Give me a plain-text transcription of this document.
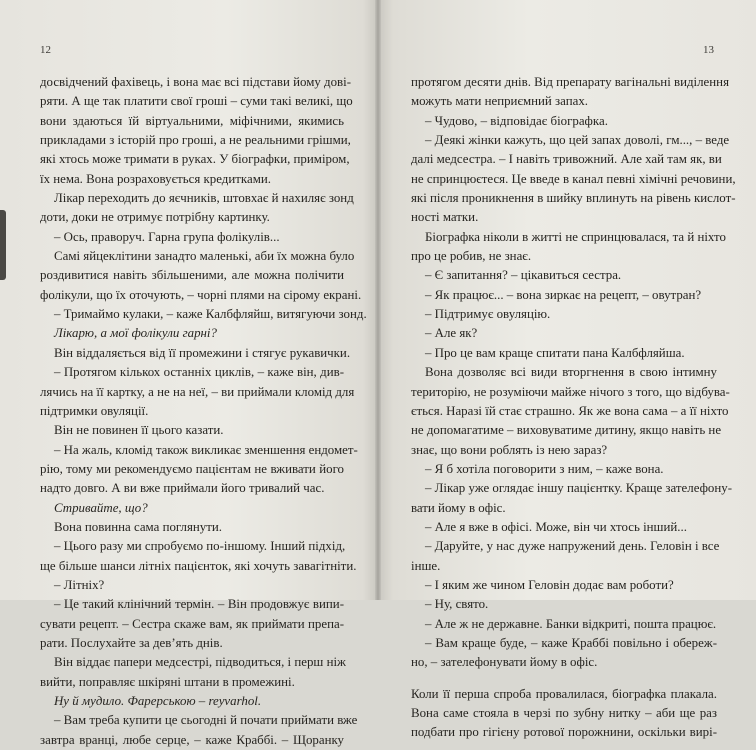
12
досвідчений фахівець, і вона має всі підстави йому дові-
ряти. А ще так платити свої гроші – суми такі великі, що
вони здаються їй віртуальними, міфічними, якимись
прикладами з історій про гроші, а не реальними грішми,
які хтось може тримати в руках. У біографки, приміром,
їх нема. Вона розраховується кредитками.
Лікар переходить до яєчників, штовхає й нахиляє зонд
доти, доки не отримує потрібну картинку.
– Ось, праворуч. Гарна група фолікулів...
Самі яйцеклітини занадто маленькі, аби їх можна було
роздивитися навіть збільшеними, але можна полічити
фолікули, що їх оточують, – чорні плями на сірому екрані.
– Тримаймо кулаки, – каже Калбфляйш, витягуючи зонд.
Лікарю, а мої фолікули гарні?
Він віддаляється від її промежини і стягує рукавички.
– Протягом кількох останніх циклів, – каже він, див-
лячись на її картку, а не на неї, – ви приймали кломід для
підтримки овуляції.
Він не повинен її цього казати.
– На жаль, кломід також викликає зменшення ендомет-
рію, тому ми рекомендуємо пацієнтам не вживати його
надто довго. А ви вже приймали його тривалий час.
Стривайте, що?
Вона повинна сама поглянути.
– Цього разу ми спробуємо по-іншому. Інший підхід,
ще більше шанси літніх пацієнток, які хочуть завагітніти.
– Літніх?
– Це такий клінічний термін. – Він продовжує випи-
сувати рецепт. – Сестра скаже вам, як приймати препа-
рати. Послухайте за дев’ять днів.
Він віддає папери медсестрі, підводиться, і перш ніж
вийти, поправляє шкіряні штани в промежині.
Ну й мудило. Фарерською – reyvarhol.
– Вам треба купити це сьогодні й почати приймати вже
завтра вранці, любе серце, – каже Краббі. – Щоранку
13
протягом десяти днів. Від препарату вагінальні виділення
можуть мати неприємний запах.
– Чудово, – відповідає біографка.
– Деякі жінки кажуть, що цей запах доволі, гм..., – веде
далі медсестра. – І навіть тривожний. Але хай там як, ви
не спринцюєтеся. Це введе в канал певні хімічні речовини,
які після проникнення в шийку вплинуть на рівень кислот-
ності матки.
Біографка ніколи в житті не спринцювалася, та й ніхто
про це робив, не знає.
– Є запитання? – цікавиться сестра.
– Як працює... – вона зиркає на рецепт, – овутран?
– Підтримує овуляцію.
– Але як?
– Про це вам краще спитати пана Калбфляйша.
Вона дозволяє всі види вторгнення в свою інтимну
територію, не розуміючи майже нічого з того, що відбува-
ється. Наразі їй стає страшно. Як же вона сама – а її ніхто
не допомагатиме – виховуватиме дитину, якщо навіть не
знає, що вони роблять із нею зараз?
– Я б хотіла поговорити з ним, – каже вона.
– Лікар уже оглядає іншу пацієнтку. Краще зателефону-
вати йому в офіс.
– Але я вже в офісі. Може, він чи хтось інший...
– Даруйте, у нас дуже напружений день. Геловін і все
інше.
– І яким же чином Геловін додає вам роботи?
– Ну, свято.
– Але ж не державне. Банки відкриті, пошта працює.
– Вам краще буде, – каже Краббі повільно і обереж-
но, – зателефонувати йому в офіс.
Коли її перша спроба провалилася, біографка плакала.
Вона саме стояла в черзі по зубну нитку – аби ще раз
подбати про гігієну ротової порожнини, оскільки вирі-
